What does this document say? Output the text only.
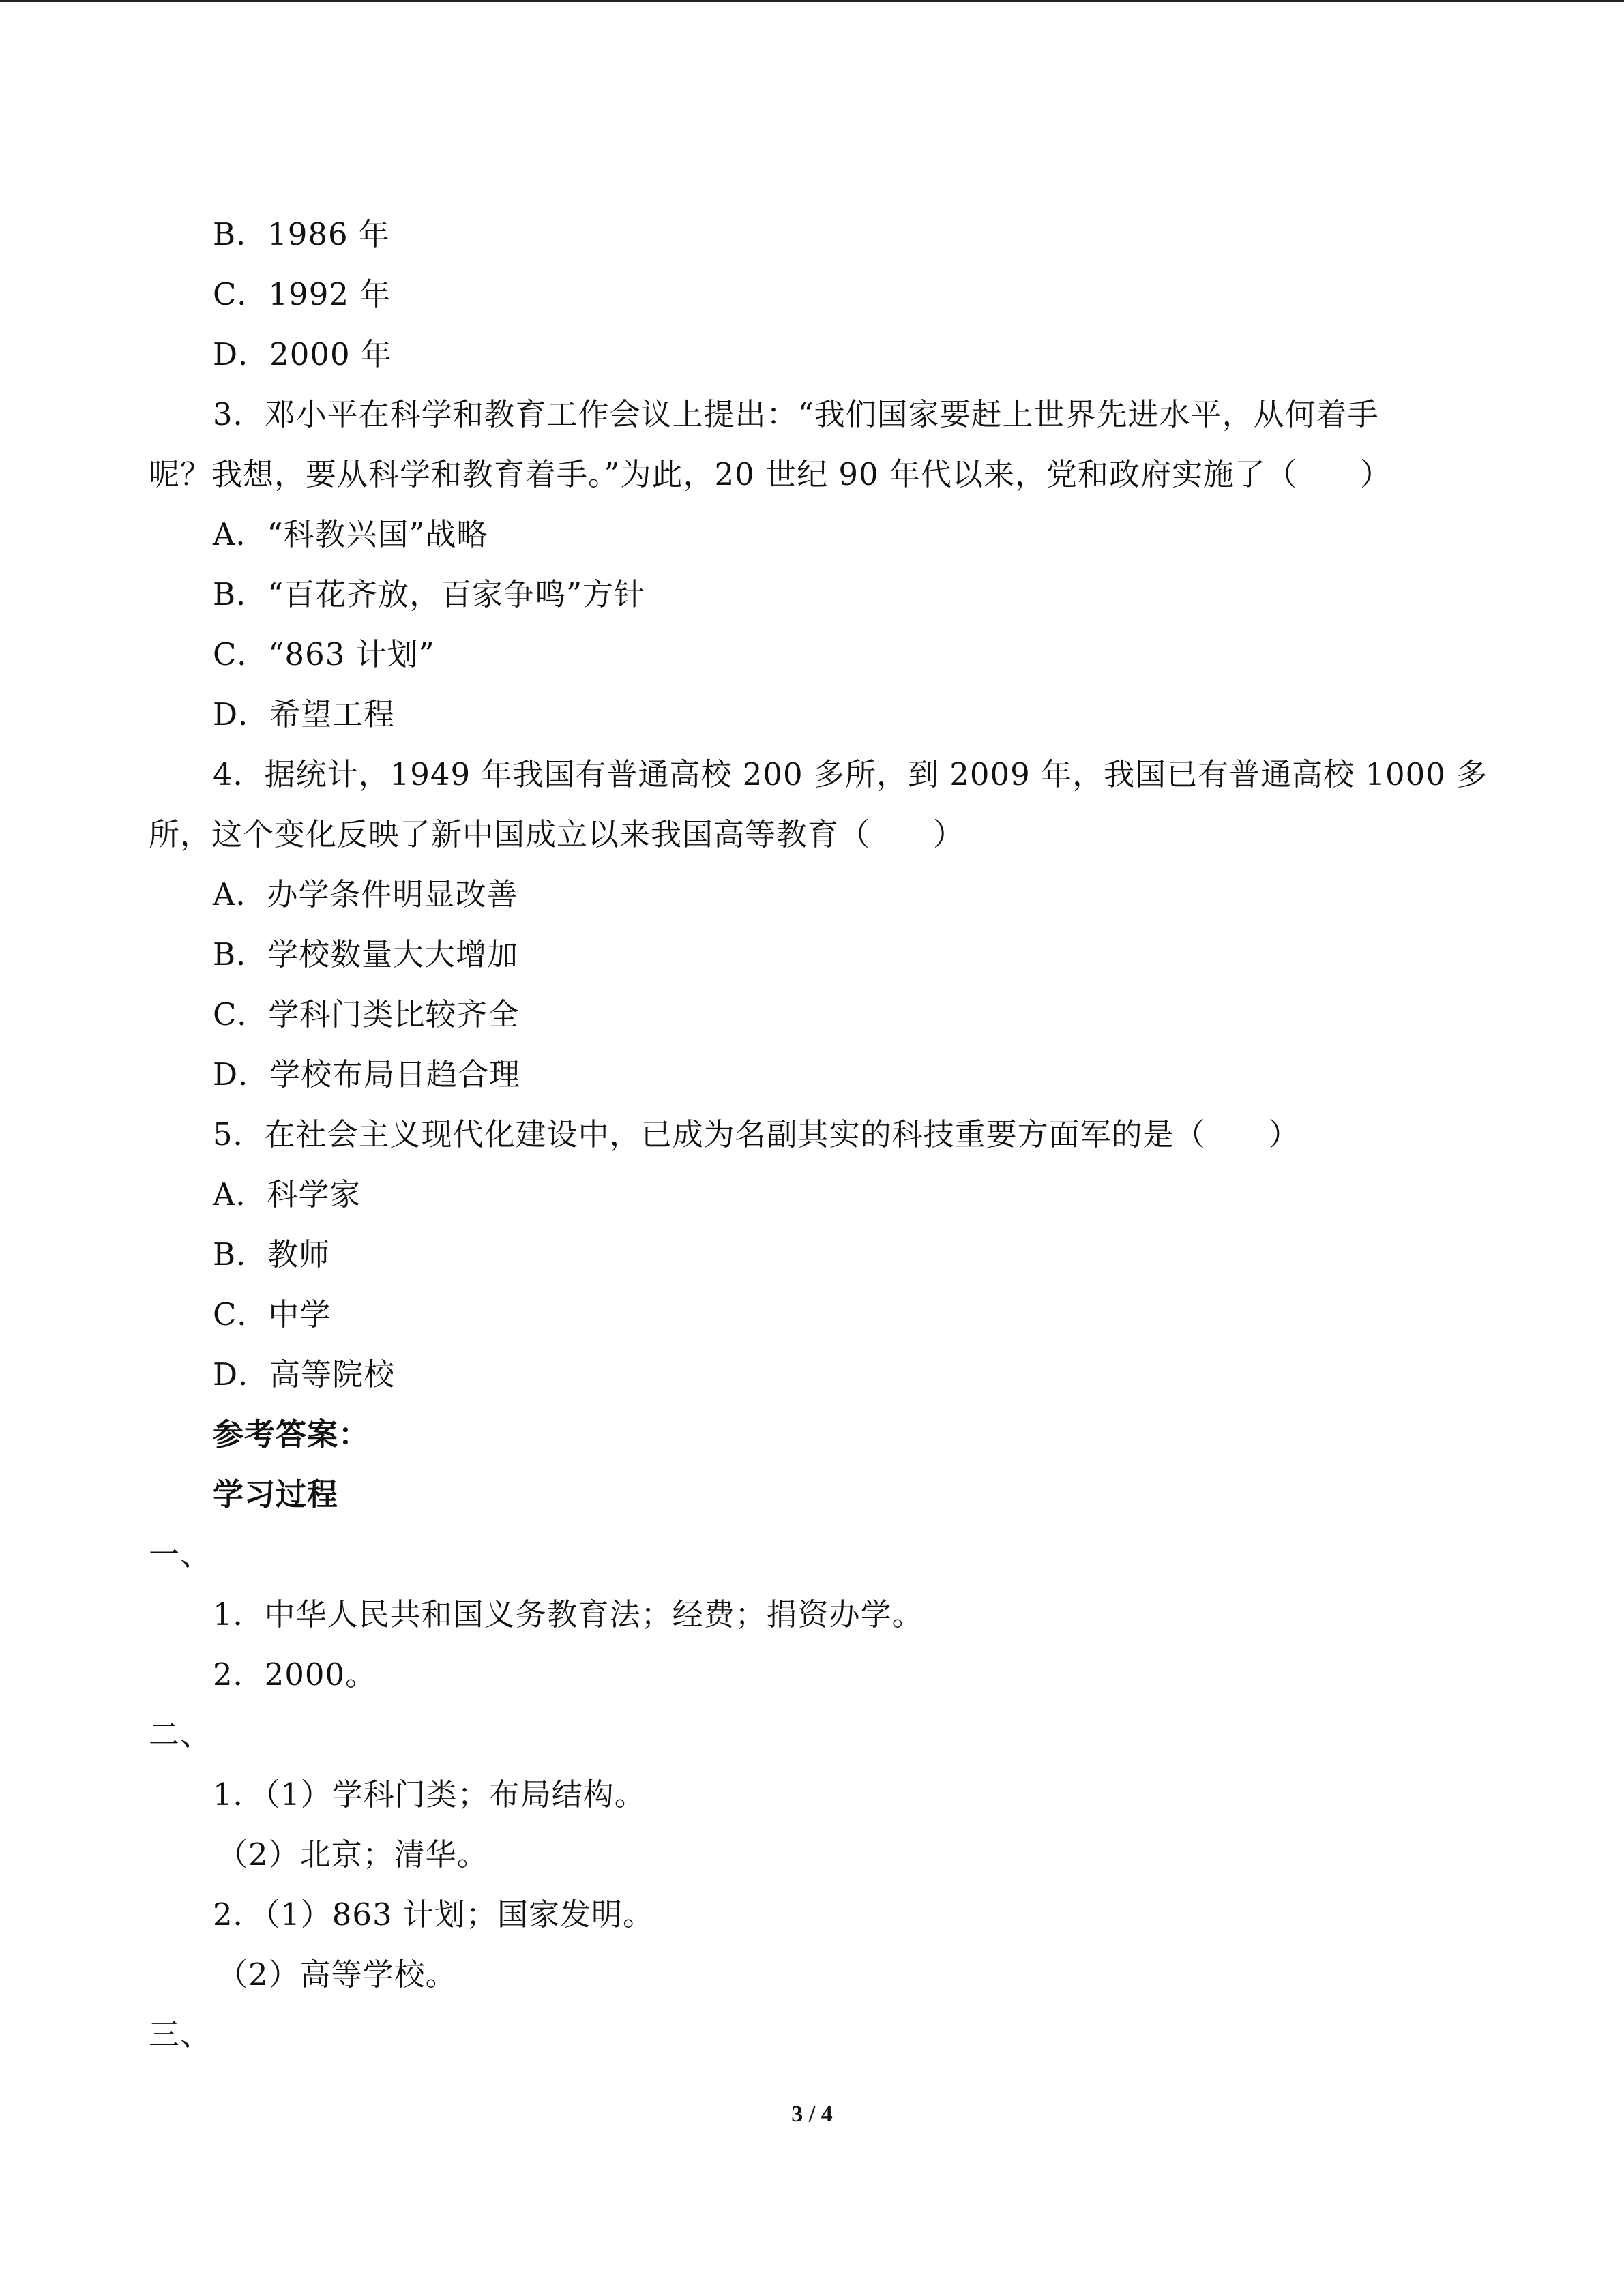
B．1986 年
C．1992 年
D．2000 年
3．邓小平在科学和教育工作会议上提出：“我们国家要赶上世界先进水平，从何着手
呢？我想，要从科学和教育着手。”为此，20 世纪 90 年代以来，党和政府实施了（　　）
A．“科教兴国”战略
B．“百花齐放，百家争鸣”方针
C．“863 计划”
D．希望工程
4．据统计，1949 年我国有普通高校 200 多所，到 2009 年，我国已有普通高校 1000 多
所，这个变化反映了新中国成立以来我国高等教育（　　）
A．办学条件明显改善
B．学校数量大大增加
C．学科门类比较齐全
D．学校布局日趋合理
5．在社会主义现代化建设中，已成为名副其实的科技重要方面军的是（　　）
A．科学家
B．教师
C．中学
D．高等院校
参考答案：
学习过程
一、
1．中华人民共和国义务教育法；经费；捐资办学。
2．2000。
二、
1．（1）学科门类；布局结构。
（2）北京；清华。
2．（1）863 计划；国家发明。
（2）高等学校。
三、
3 / 4
